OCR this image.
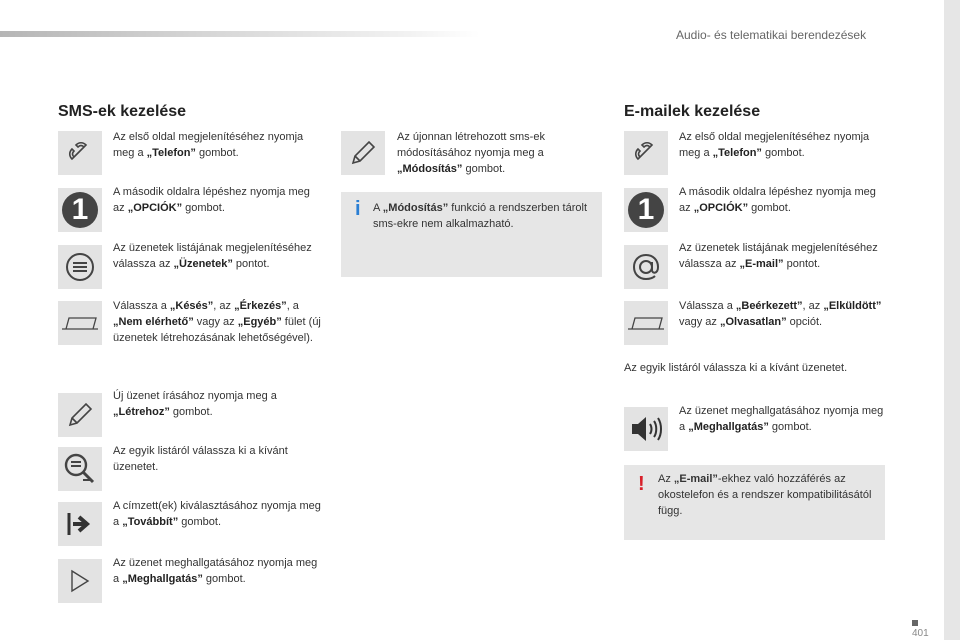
Audio- és telematikai berendezések
SMS-ek kezelése
Az első oldal megjelenítéséhez nyomja meg a „Telefon” gombot.
1
A második oldalra lépéshez nyomja meg az „OPCIÓK” gombot.
Az üzenetek listájának megjelenítéséhez válassza az „Üzenetek” pontot.
Válassza a „Késés”, az „Érkezés”, a „Nem elérhető” vagy az „Egyéb” fület (új üzenetek létrehozásának lehetőségével).
Új üzenet írásához nyomja meg a „Létrehoz” gombot.
Az egyik listáról válassza ki a kívánt üzenetet.
A címzett(ek) kiválasztásához nyomja meg a „Továbbít” gombot.
Az üzenet meghallgatásához nyomja meg a „Meghallgatás” gombot.
Az újonnan létrehozott sms-ek módosításához nyomja meg a „Módosítás” gombot.
i A „Módosítás” funkció a rendszerben tárolt sms-ekre nem alkalmazható.
E-mailek kezelése
Az első oldal megjelenítéséhez nyomja meg a „Telefon” gombot.
1
A második oldalra lépéshez nyomja meg az „OPCIÓK” gombot.
Az üzenetek listájának megjelenítéséhez válassza az „E-mail” pontot.
Válassza a „Beérkezett”, az „Elküldött” vagy az „Olvasatlan” opciót.
Az egyik listáról válassza ki a kívánt üzenetet.
Az üzenet meghallgatásához nyomja meg a „Meghallgatás” gombot.
! Az „E-mail”-ekhez való hozzáférés az okostelefon és a rendszer kompatibilitásától függ.
401
